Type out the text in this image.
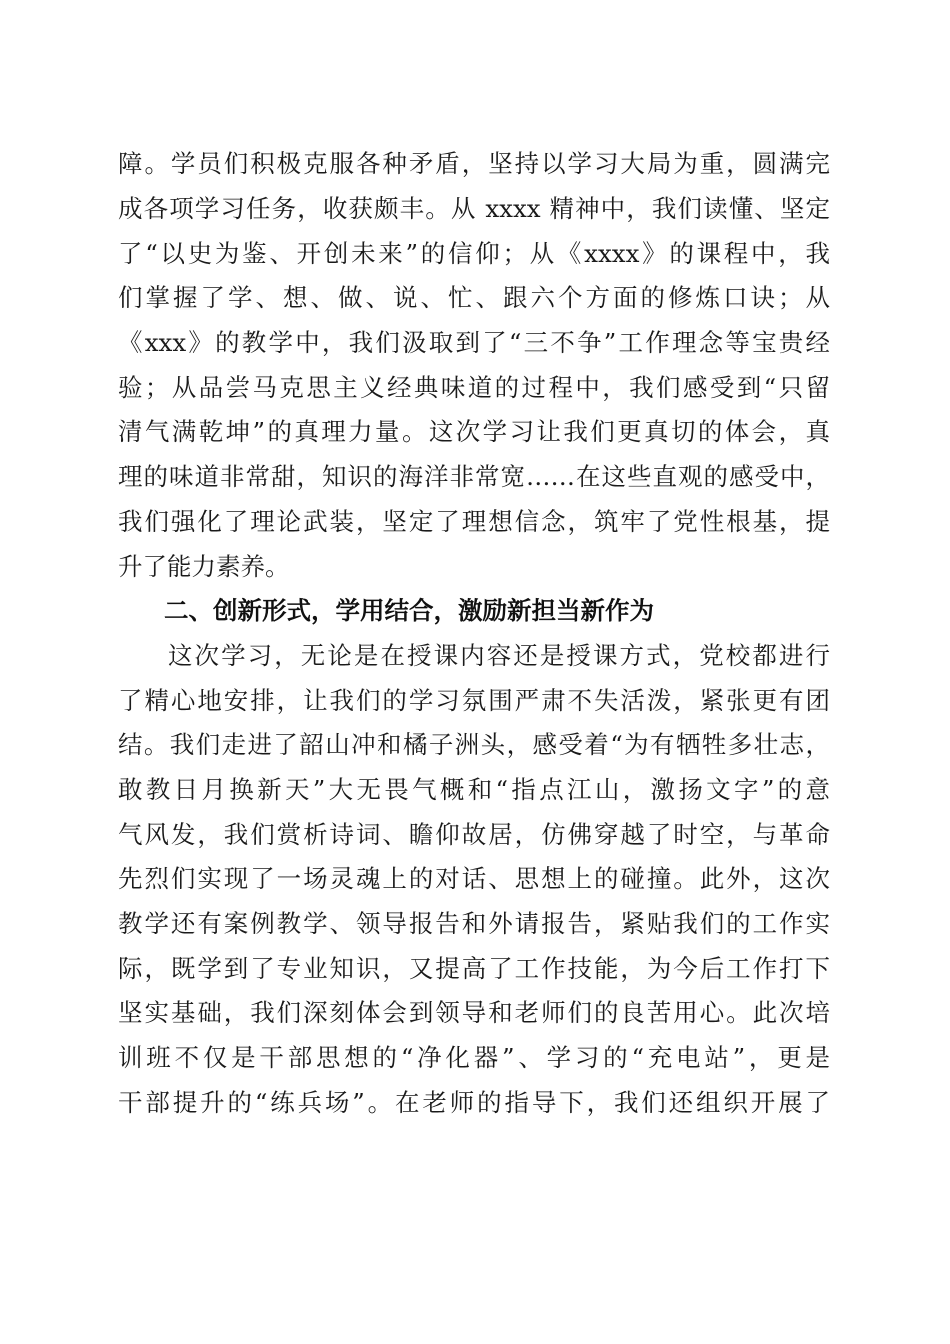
障。学员们积极克服各种矛盾，坚持以学习大局为重，圆满完
成各项学习任务，收获颇丰。从 xxxx 精神中，我们读懂、坚定
了“以史为鉴、开创未来”的信仰；从《xxxx》的课程中，我
们掌握了学、想、做、说、忙、跟六个方面的修炼口诀；从
《xxx》的教学中，我们汲取到了“三不争”工作理念等宝贵经
验；从品尝马克思主义经典味道的过程中，我们感受到“只留
清气满乾坤”的真理力量。这次学习让我们更真切的体会，真
理的味道非常甜，知识的海洋非常宽……在这些直观的感受中，
我们强化了理论武装，坚定了理想信念，筑牢了党性根基，提
升了能力素养。
二、创新形式，学用结合，激励新担当新作为
这次学习，无论是在授课内容还是授课方式，党校都进行
了精心地安排，让我们的学习氛围严肃不失活泼，紧张更有团
结。我们走进了韶山冲和橘子洲头，感受着“为有牺牲多壮志，
敢教日月换新天”大无畏气概和“指点江山，激扬文字”的意
气风发，我们赏析诗词、瞻仰故居，仿佛穿越了时空，与革命
先烈们实现了一场灵魂上的对话、思想上的碰撞。此外，这次
教学还有案例教学、领导报告和外请报告，紧贴我们的工作实
际，既学到了专业知识，又提高了工作技能，为今后工作打下
坚实基础，我们深刻体会到领导和老师们的良苦用心。此次培
训班不仅是干部思想的“净化器”、学习的“充电站”，更是
干部提升的“练兵场”。在老师的指导下，我们还组织开展了
